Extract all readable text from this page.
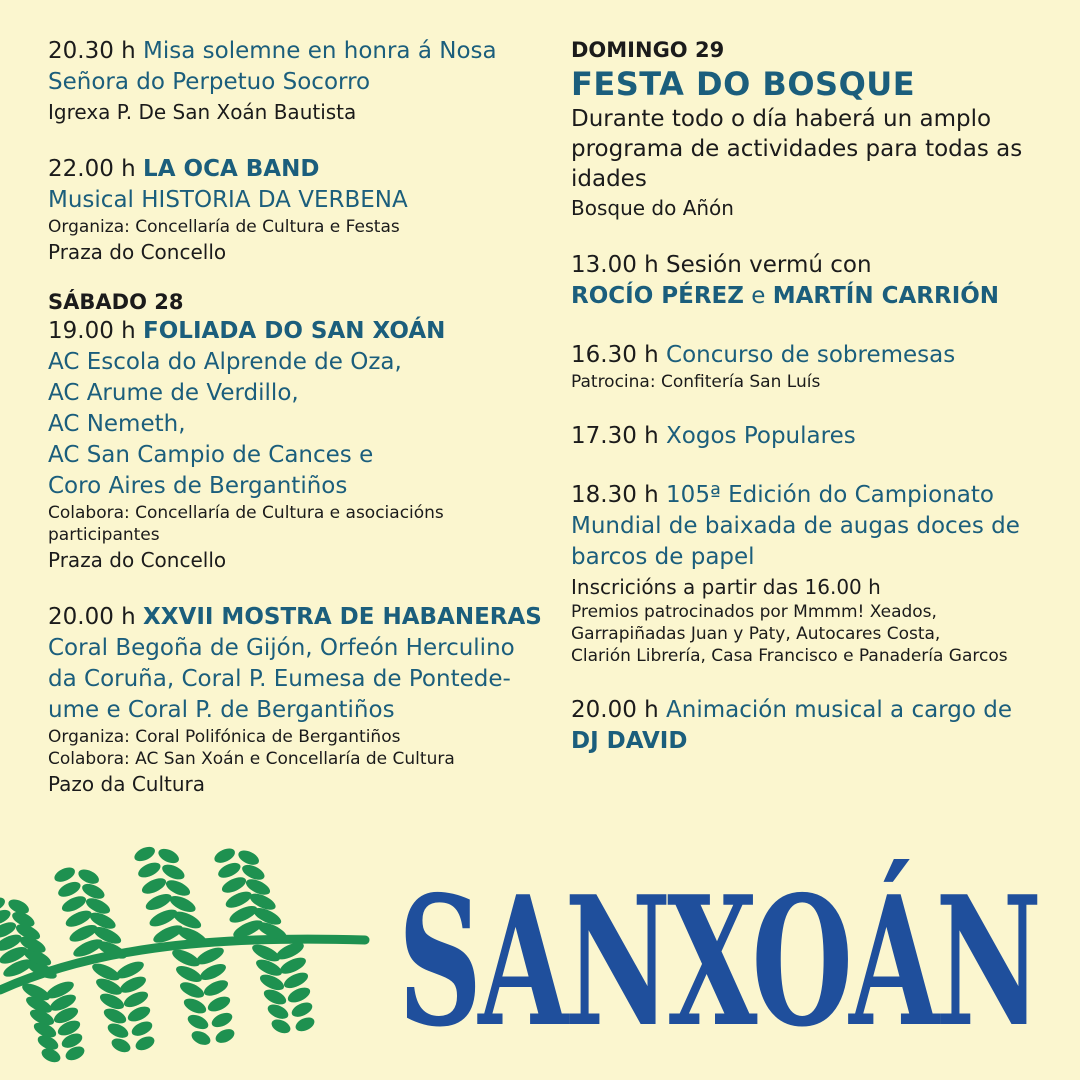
20.30 h Misa solemne en honra á Nosa
Señora do Perpetuo Socorro
Igrexa P. De San Xoán Bautista
22.00 h LA OCA BAND
Musical HISTORIA DA VERBENA
Organiza: Concellaría de Cultura e Festas
Praza do Concello
SÁBADO 28
19.00 h FOLIADA DO SAN XOÁN
AC Escola do Alprende de Oza,
AC Arume de Verdillo,
AC Nemeth,
AC San Campio de Cances e
Coro Aires de Bergantiños
Colabora: Concellaría de Cultura e asociacións
participantes
Praza do Concello
20.00 h XXVII MOSTRA DE HABANERAS
Coral Begoña de Gijón, Orfeón Herculino
da Coruña, Coral P. Eumesa de Pontede-
ume e Coral P. de Bergantiños
Organiza: Coral Polifónica de Bergantiños
Colabora: AC San Xoán e Concellaría de Cultura
Pazo da Cultura
DOMINGO 29
FESTA DO BOSQUE
Durante todo o día haberá un amplo
programa de actividades para todas as
idades
Bosque do Añón
13.00 h Sesión vermú con
ROCÍO PÉREZ e MARTÍN CARRIÓN
16.30 h Concurso de sobremesas
Patrocina: Confitería San Luís
17.30 h Xogos Populares
18.30 h 105ª Edición do Campionato
Mundial de baixada de augas doces de
barcos de papel
Inscricións a partir das 16.00 h
Premios patrocinados por Mmmm! Xeados,
Garrapiñadas Juan y Paty, Autocares Costa,
Clarión Librería, Casa Francisco e Panadería Garcos
20.00 h Animación musical a cargo de
DJ DAVID
SANXOÁN
